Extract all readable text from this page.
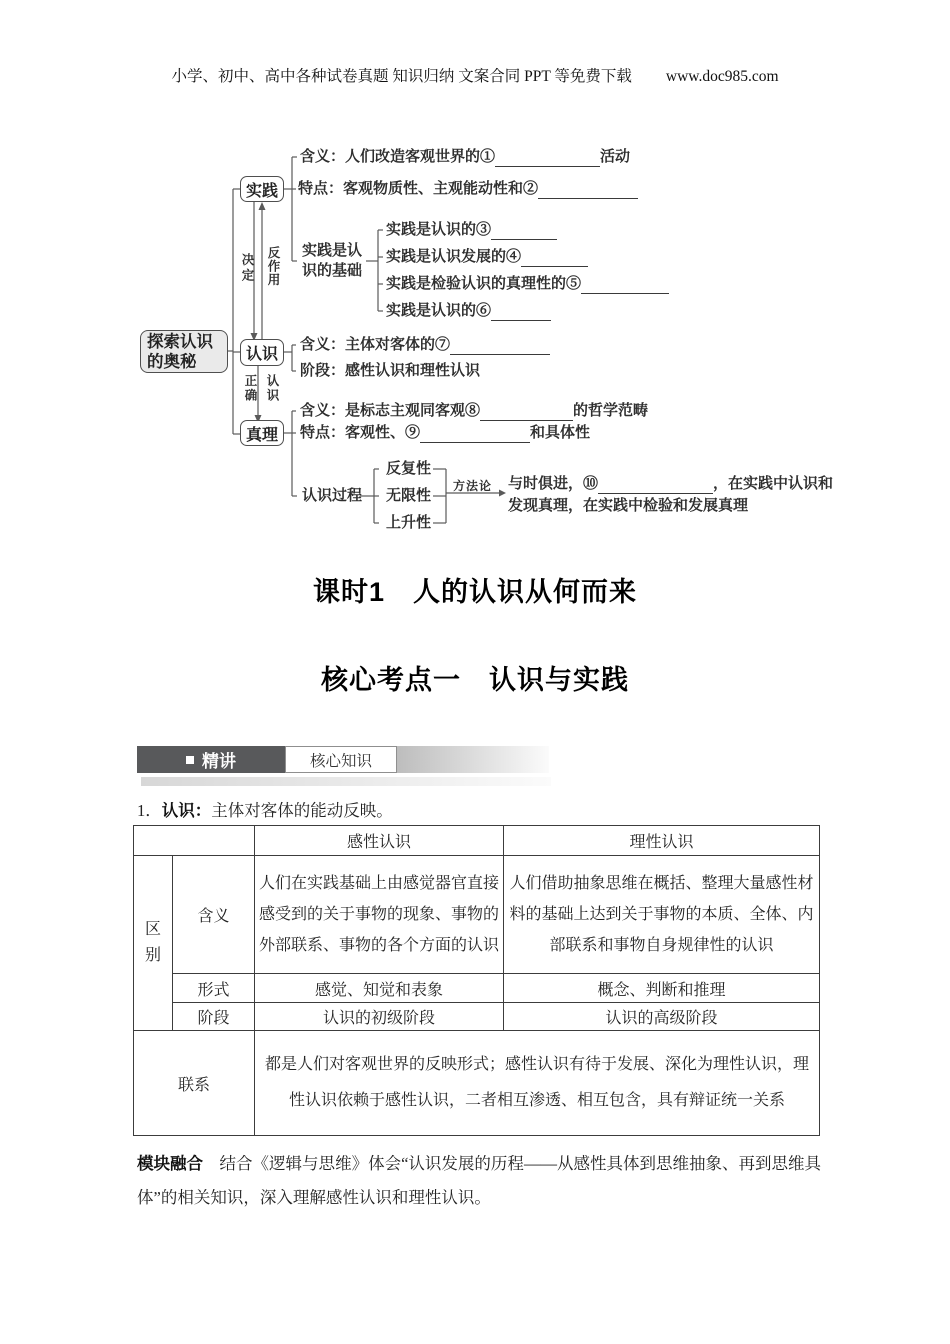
小学、初中、高中各种试卷真题 知识归纳 文案合同 PPT 等免费下载 www.doc985.com
探索认识的奥秘
实践
认识
真理
决定 反作用
正确 认识
方法论
含义：人们改造客观世界的①	活动
特点：客观物质性、主观能动性和②
实践是认识的基础
实践是认识的③
实践是认识发展的④
实践是检验认识的真理性的⑤
实践是认识的⑥
含义：主体对客体的⑦
阶段：感性认识和理性认识
含义：是标志主观同客观⑧	的哲学范畴
特点：客观性、⑨	和具体性
认识过程
反复性
无限性
上升性
与时俱进，⑩	，在实践中认识和
发现真理，在实践中检验和发展真理
课时1　人的认识从何而来
核心考点一　认识与实践
精讲	核心知识
1．认识：主体对客体的能动反映。
		感性认识	理性认识
区别	含义	人们在实践基础上由感觉器官直接感受到的关于事物的现象、事物的外部联系、事物的各个方面的认识	人们借助抽象思维在概括、整理大量感性材料的基础上达到关于事物的本质、全体、内部联系和事物自身规律性的认识
	形式	感觉、知觉和表象	概念、判断和推理
	阶段	认识的初级阶段	认识的高级阶段
联系		都是人们对客观世界的反映形式；感性认识有待于发展、深化为理性认识，理性认识依赖于感性认识，二者相互渗透、相互包含，具有辩证统一关系	
模块融合　结合《逻辑与思维》体会“认识发展的历程——从感性具体到思维抽象、再到思维具体”的相关知识，深入理解感性认识和理性认识。
